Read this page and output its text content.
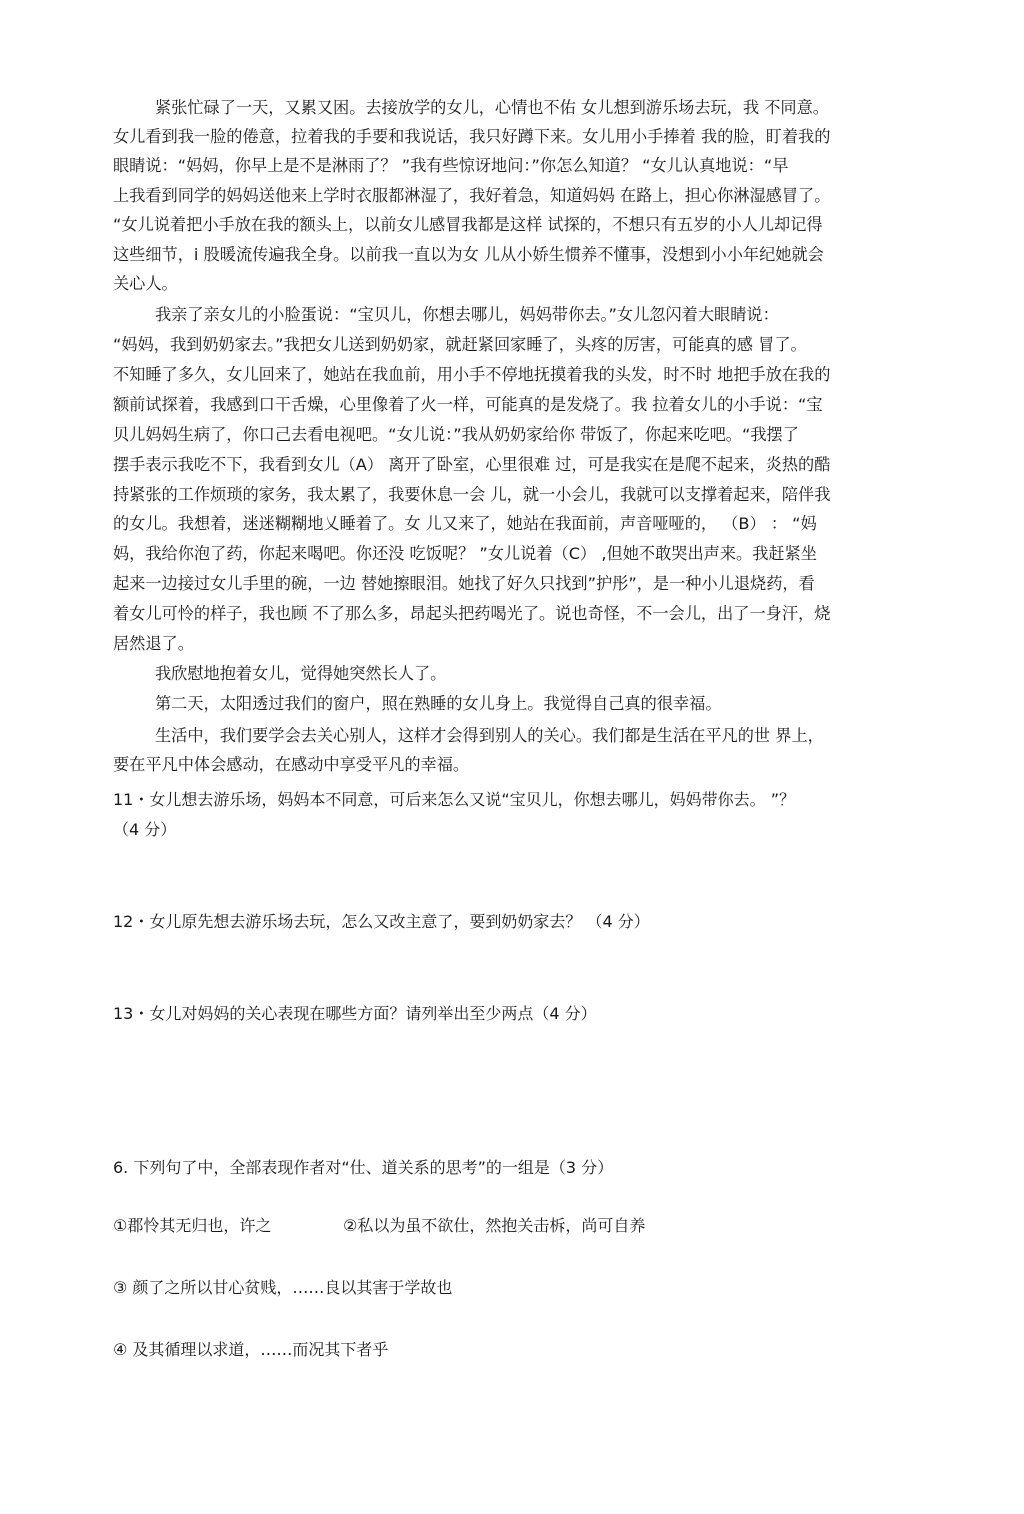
紧张忙碌了一天，又累又困。去接放学的女儿，心情也不佑 女儿想到游乐场去玩，我 不同意。
女儿看到我一脸的倦意，拉着我的手要和我说话，我只好蹲下来。女儿用小手捧着 我的脸，盯着我的
眼睛说：“妈妈，你早上是不是淋雨了？ ”我有些惊讶地问：”你怎么知道？ “女儿认真地说：“早
上我看到同学的妈妈送他来上学时衣服都淋湿了，我好着急，知道妈妈 在路上，担心你淋湿感冒了。
“女儿说着把小手放在我的额头上，以前女儿感冒我都是这样 试探的，不想只有五岁的小人儿却记得
这些细节，i 股暖流传遍我全身。以前我一直以为女 儿从小娇生惯养不懂事，没想到小小年纪她就会
关心人。
我亲了亲女儿的小脸蛋说：“宝贝儿，你想去哪儿，妈妈带你去。”女儿忽闪着大眼睛说：
“妈妈，我到奶奶家去。”我把女儿送到奶奶家，就赶紧回家睡了，头疼的厉害，可能真的感 冒了。
不知睡了多久，女儿回来了，她站在我血前，用小手不停地抚摸着我的头发，时不时 地把手放在我的
额前试探着，我感到口干舌燥，心里像着了火一样，可能真的是发烧了。我 拉着女儿的小手说：“宝
贝儿妈妈生病了，你口己去看电视吧。“女儿说：”我从奶奶家给你 带饭了，你起来吃吧。“我摆了
摆手表示我吃不下，我看到女儿（A） 离开了卧室，心里很难 过，可是我实在是爬不起来，炎热的酷
持紧张的工作烦琐的家务，我太累了，我要休息一会 儿，就一小会儿，我就可以支撑着起来，陪伴我
的女儿。我想着，迷迷糊糊地乂睡着了。女 儿又来了，她站在我面前，声音哑哑的， （B） ： “妈
妈，我给你泡了药，你起来喝吧。你还没 吃饭呢？ ”女儿说着（C） ,但她不敢哭出声来。我赶紧坐
起来一边接过女儿手里的碗，一边 替她擦眼泪。她找了好久只找到”护彤”，是一种小儿退烧药，看
着女儿可怜的样子，我也顾 不了那么多，昂起头把药喝光了。说也奇怪，不一会儿，出了一身汗，烧
居然退了。
我欣慰地抱着女儿，觉得她突然长人了。
第二天，太阳透过我们的窗户，照在熟睡的女儿身上。我觉得自己真的很幸福。
生活中，我们要学会去关心别人，这样才会得到别人的关心。我们都是生活在平凡的世 界上，
要在平凡中体会感动，在感动中享受平凡的幸福。
11・女儿想去游乐场，妈妈本不同意，可后来怎么又说“宝贝儿，你想去哪儿，妈妈带你去。 ”？
（4 分）
12・女儿原先想去游乐场去玩，怎么又改主意了，要到奶奶家去？ （4 分）
13・女儿对妈妈的关心表现在哪些方面？请列举出至少两点（4 分）
6. 下列句了中，全部表现作者对“仕、道关系的思考”的一组是（3 分）
①郡怜其无归也，许之	②私以为虽不欲仕，然抱关击柝，尚可自养
③ 颜了之所以甘心贫贱，……良以其害于学故也
④ 及其循理以求道，……而况其下者乎
